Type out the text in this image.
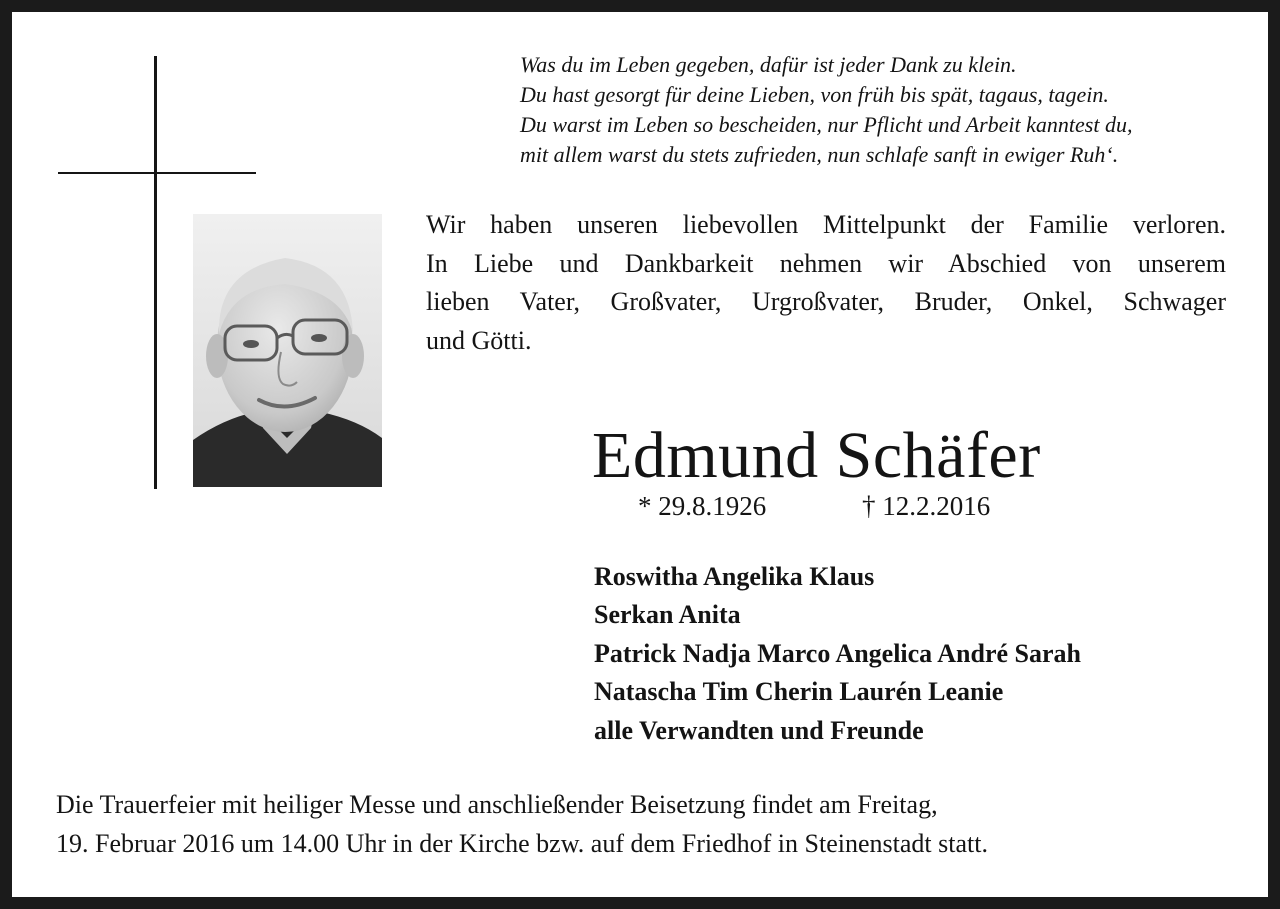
Was du im Leben gegeben, dafür ist jeder Dank zu klein.
Du hast gesorgt für deine Lieben, von früh bis spät, tagaus, tagein.
Du warst im Leben so bescheiden, nur Pflicht und Arbeit kanntest du,
mit allem warst du stets zufrieden, nun schlafe sanft in ewiger Ruh‘.
Wir haben unseren liebevollen Mittelpunkt der Familie verloren.
In Liebe und Dankbarkeit nehmen wir Abschied von unserem
lieben Vater, Großvater, Urgroßvater, Bruder, Onkel, Schwager
und Götti.
Edmund Schäfer
* 29.8.1926	† 12.2.2016
Roswitha Angelika Klaus
Serkan Anita
Patrick Nadja Marco Angelica André Sarah
Natascha Tim Cherin Laurén Leanie
alle Verwandten und Freunde
Die Trauerfeier mit heiliger Messe und anschließender Beisetzung findet am Freitag,
19. Februar 2016 um 14.00 Uhr in der Kirche bzw. auf dem Friedhof in Steinenstadt statt.
